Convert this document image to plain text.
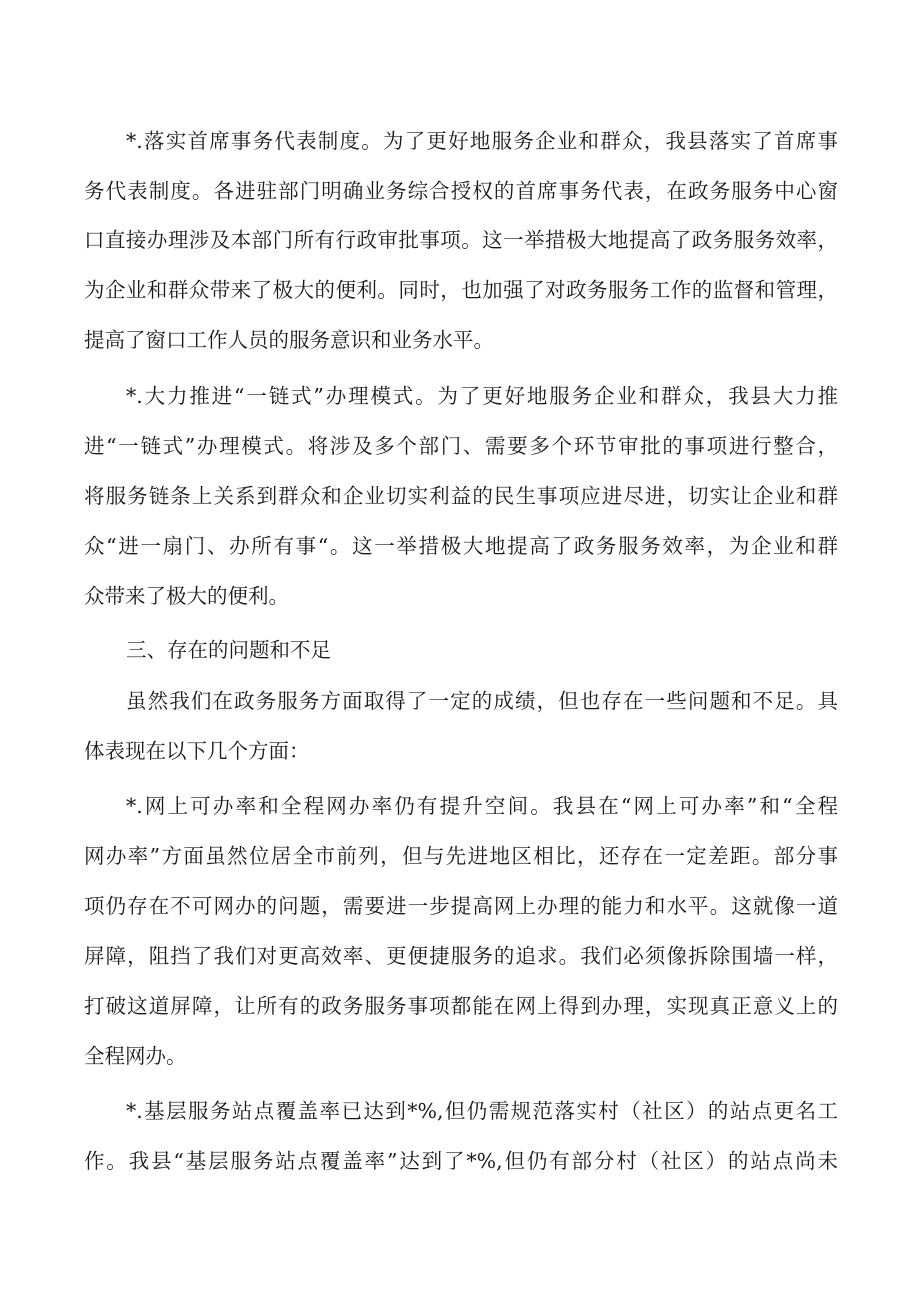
*.落实首席事务代表制度。为了更好地服务企业和群众，我县落实了首席事
务代表制度。各进驻部门明确业务综合授权的首席事务代表，在政务服务中心窗
口直接办理涉及本部门所有行政审批事项。这一举措极大地提高了政务服务效率，
为企业和群众带来了极大的便利。同时，也加强了对政务服务工作的监督和管理，
提高了窗口工作人员的服务意识和业务水平。
*.大力推进“一链式”办理模式。为了更好地服务企业和群众，我县大力推
进“一链式”办理模式。将涉及多个部门、需要多个环节审批的事项进行整合，
将服务链条上关系到群众和企业切实利益的民生事项应进尽进，切实让企业和群
众“进一扇门、办所有事“。这一举措极大地提高了政务服务效率，为企业和群
众带来了极大的便利。
三、存在的问题和不足
虽然我们在政务服务方面取得了一定的成绩，但也存在一些问题和不足。具
体表现在以下几个方面：
*.网上可办率和全程网办率仍有提升空间。我县在“网上可办率”和“全程
网办率”方面虽然位居全市前列，但与先进地区相比，还存在一定差距。部分事
项仍存在不可网办的问题，需要进一步提高网上办理的能力和水平。这就像一道
屏障，阻挡了我们对更高效率、更便捷服务的追求。我们必须像拆除围墙一样，
打破这道屏障，让所有的政务服务事项都能在网上得到办理，实现真正意义上的
全程网办。
*.基层服务站点覆盖率已达到*%,但仍需规范落实村（社区）的站点更名工
作。我县“基层服务站点覆盖率”达到了*%,但仍有部分村（社区）的站点尚未
